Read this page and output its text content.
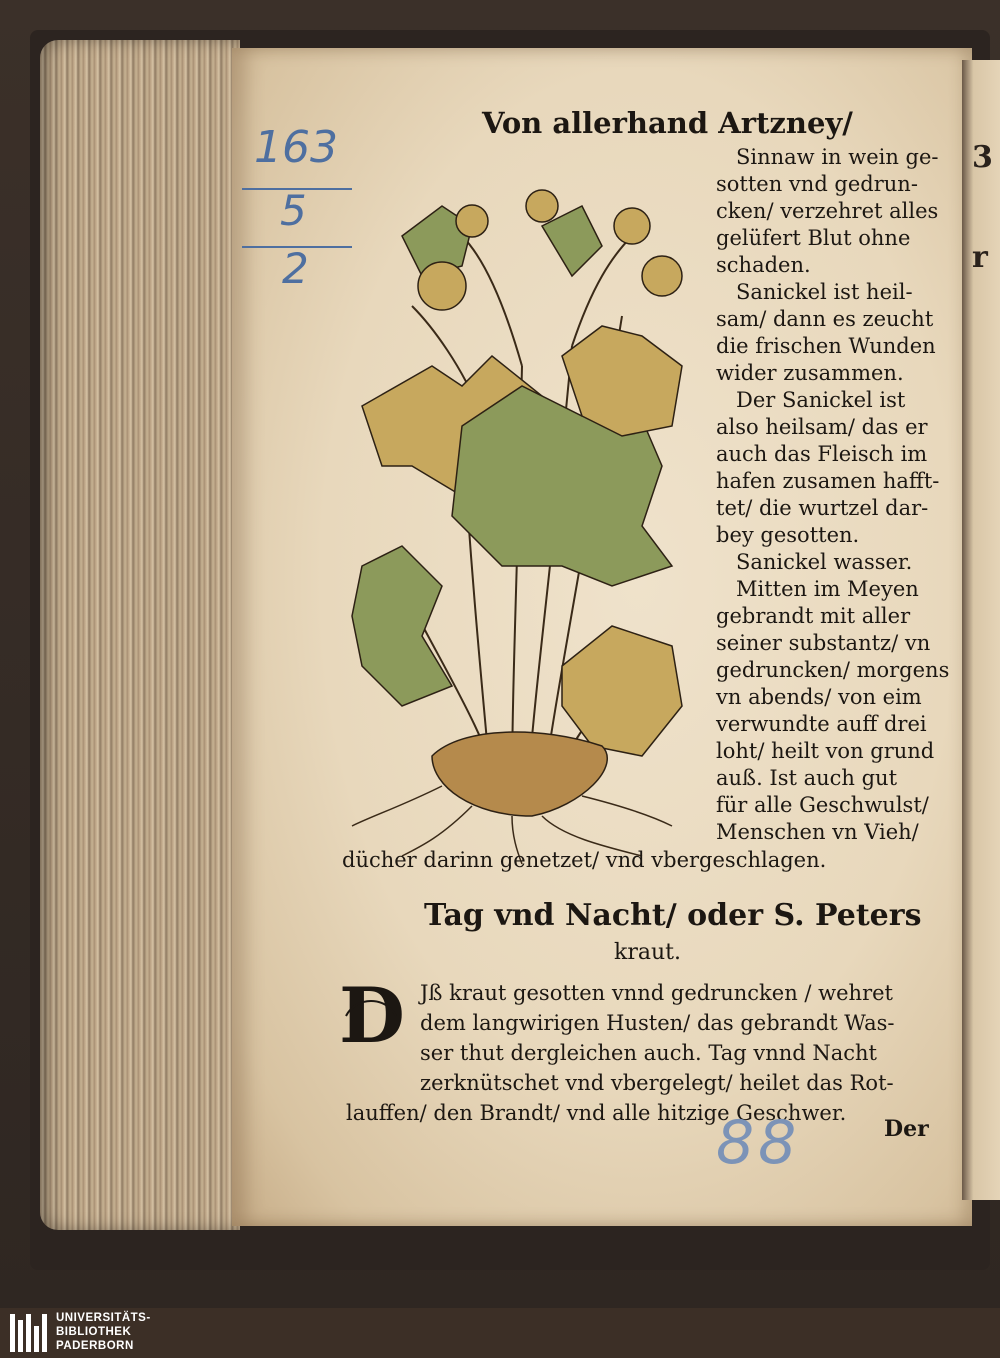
Von allerhand Artzney/
163
5
2
Sinnaw in wein ge-
sotten vnd gedrun-
cken/ verzehret alles
gelüfert Blut ohne
schaden.
Sanickel ist heil-
sam/ dann es zeucht
die frischen Wunden
wider zusammen.
Der Sanickel ist
also heilsam/ das er
auch das Fleisch im
hafen zusamen hafft-
tet/ die wurtzel dar-
bey gesotten.
Sanickel wasser.
Mitten im Meyen
gebrandt mit aller
seiner substantz/ vn
gedruncken/ morgens
vn abends/ von eim
verwundte auff drei
loht/ heilt von grund
auß. Ist auch gut
für alle Geschwulst/
Menschen vn Vieh/
dücher darinn genetzet/ vnd vbergeschlagen.
Tag vnd Nacht/ oder S. Peters
kraut.
D Jß kraut gesotten vnnd gedruncken / wehret
dem langwirigen Husten/ das gebrandt Was-
ser thut dergleichen auch. Tag vnnd Nacht
zerknütschet vnd vbergelegt/ heilet das Rot-
lauffen/ den Brandt/ vnd alle hitzige Geschwer.
88	Der
3
r
UNIVERSITÄTS-
BIBLIOTHEK
PADERBORN
